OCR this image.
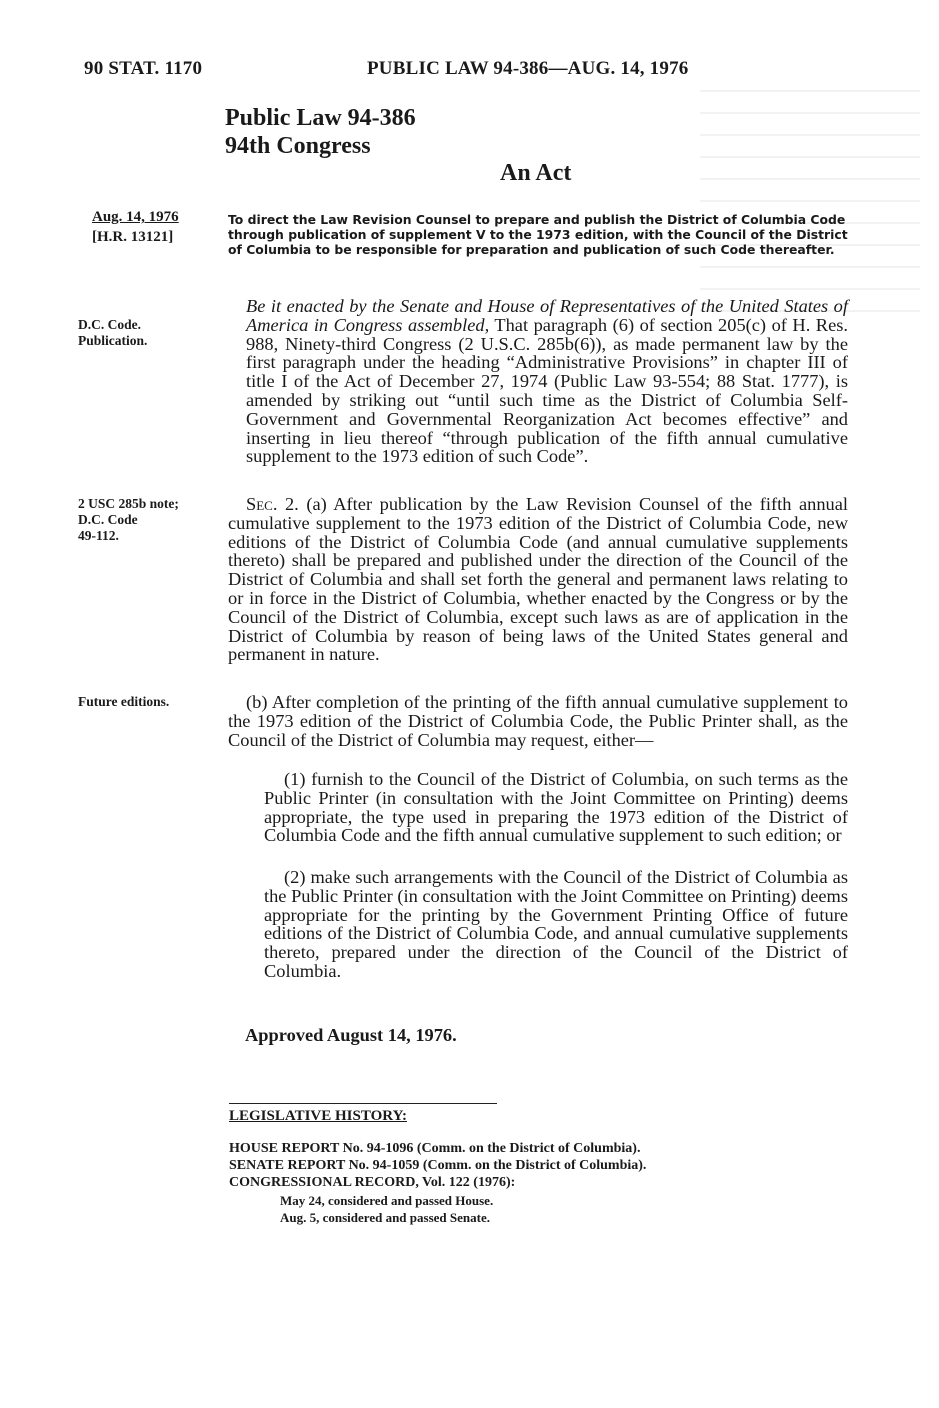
90 STAT. 1170	PUBLIC LAW 94-386—AUG. 14, 1976
Public Law 94-386
94th Congress
An Act
Aug. 14, 1976
[H.R. 13121]
To direct the Law Revision Counsel to prepare and publish the District of Columbia Code through publication of supplement V to the 1973 edition, with the Council of the District of Columbia to be responsible for preparation and publication of such Code thereafter.
D.C. Code.
Publication.
Be it enacted by the Senate and House of Representatives of the United States of America in Congress assembled, That paragraph (6) of section 205(c) of H. Res. 988, Ninety-third Congress (2 U.S.C. 285b(6)), as made permanent law by the first paragraph under the heading “Administrative Provisions” in chapter III of title I of the Act of December 27, 1974 (Public Law 93-554; 88 Stat. 1777), is amended by striking out “until such time as the District of Columbia Self-Government and Governmental Reorganization Act becomes effective” and inserting in lieu thereof “through publication of the fifth annual cumulative supplement to the 1973 edition of such Code”.
2 USC 285b note;
D.C. Code
49-112.
Sec. 2. (a) After publication by the Law Revision Counsel of the fifth annual cumulative supplement to the 1973 edition of the District of Columbia Code, new editions of the District of Columbia Code (and annual cumulative supplements thereto) shall be prepared and published under the direction of the Council of the District of Columbia and shall set forth the general and permanent laws relating to or in force in the District of Columbia, whether enacted by the Congress or by the Council of the District of Columbia, except such laws as are of application in the District of Columbia by reason of being laws of the United States general and permanent in nature.
Future editions.	(b) After completion of the printing of the fifth annual cumulative supplement to the 1973 edition of the District of Columbia Code, the Public Printer shall, as the Council of the District of Columbia may request, either—
(1) furnish to the Council of the District of Columbia, on such terms as the Public Printer (in consultation with the Joint Committee on Printing) deems appropriate, the type used in preparing the 1973 edition of the District of Columbia Code and the fifth annual cumulative supplement to such edition; or
(2) make such arrangements with the Council of the District of Columbia as the Public Printer (in consultation with the Joint Committee on Printing) deems appropriate for the printing by the Government Printing Office of future editions of the District of Columbia Code, and annual cumulative supplements thereto, prepared under the direction of the Council of the District of Columbia.
Approved August 14, 1976.
LEGISLATIVE HISTORY:
HOUSE REPORT No. 94-1096 (Comm. on the District of Columbia).
SENATE REPORT No. 94-1059 (Comm. on the District of Columbia).
CONGRESSIONAL RECORD, Vol. 122 (1976):
May 24, considered and passed House.
Aug. 5, considered and passed Senate.
